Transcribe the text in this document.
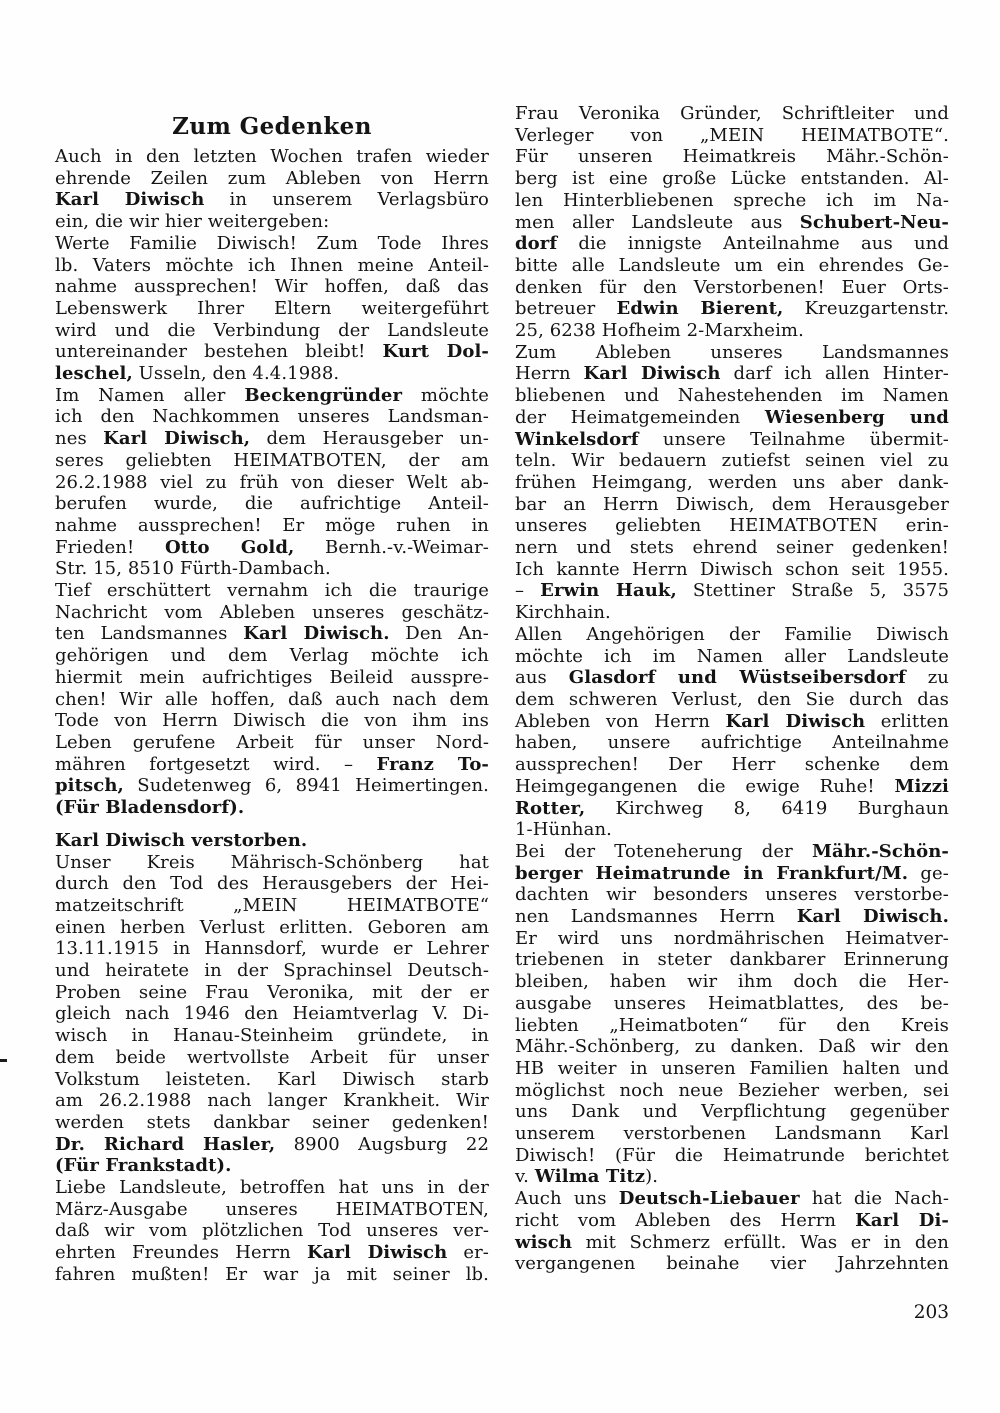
Zum Gedenken
Auch in den letzten Wochen trafen wieder
ehrende Zeilen zum Ableben von Herrn
Karl Diwisch in unserem Verlagsbüro
ein, die wir hier weitergeben:
Werte Familie Diwisch! Zum Tode Ihres
lb. Vaters möchte ich Ihnen meine Anteil-
nahme aussprechen! Wir hoffen, daß das
Lebenswerk Ihrer Eltern weitergeführt
wird und die Verbindung der Landsleute
untereinander bestehen bleibt! Kurt Dol-
leschel, Usseln, den 4.4.1988.
Im Namen aller Beckengründer möchte
ich den Nachkommen unseres Landsman-
nes Karl Diwisch, dem Herausgeber un-
seres geliebten HEIMATBOTEN, der am
26.2.1988 viel zu früh von dieser Welt ab-
berufen wurde, die aufrichtige Anteil-
nahme aussprechen! Er möge ruhen in
Frieden! Otto Gold, Bernh.-v.-Weimar-
Str. 15, 8510 Fürth-Dambach.
Tief erschüttert vernahm ich die traurige
Nachricht vom Ableben unseres geschätz-
ten Landsmannes Karl Diwisch. Den An-
gehörigen und dem Verlag möchte ich
hiermit mein aufrichtiges Beileid ausspre-
chen! Wir alle hoffen, daß auch nach dem
Tode von Herrn Diwisch die von ihm ins
Leben gerufene Arbeit für unser Nord-
mähren fortgesetzt wird. – Franz To-
pitsch, Sudetenweg 6, 8941 Heimertingen.
(Für Bladensdorf).
Karl Diwisch verstorben.
Unser Kreis Mährisch-Schönberg hat
durch den Tod des Herausgebers der Hei-
matzeitschrift „MEIN HEIMATBOTE“
einen herben Verlust erlitten. Geboren am
13.11.1915 in Hannsdorf, wurde er Lehrer
und heiratete in der Sprachinsel Deutsch-
Proben seine Frau Veronika, mit der er
gleich nach 1946 den Heiamtverlag V. Di-
wisch in Hanau-Steinheim gründete, in
dem beide wertvollste Arbeit für unser
Volkstum leisteten. Karl Diwisch starb
am 26.2.1988 nach langer Krankheit. Wir
werden stets dankbar seiner gedenken!
Dr. Richard Hasler, 8900 Augsburg 22
(Für Frankstadt).
Liebe Landsleute, betroffen hat uns in der
März-Ausgabe unseres HEIMATBOTEN,
daß wir vom plötzlichen Tod unseres ver-
ehrten Freundes Herrn Karl Diwisch er-
fahren mußten! Er war ja mit seiner lb.
Frau Veronika Gründer, Schriftleiter und
Verleger von „MEIN HEIMATBOTE“.
Für unseren Heimatkreis Mähr.-Schön-
berg ist eine große Lücke entstanden. Al-
len Hinterbliebenen spreche ich im Na-
men aller Landsleute aus Schubert-Neu-
dorf die innigste Anteilnahme aus und
bitte alle Landsleute um ein ehrendes Ge-
denken für den Verstorbenen! Euer Orts-
betreuer Edwin Bierent, Kreuzgartenstr.
25, 6238 Hofheim 2-Marxheim.
Zum Ableben unseres Landsmannes
Herrn Karl Diwisch darf ich allen Hinter-
bliebenen und Nahestehenden im Namen
der Heimatgemeinden Wiesenberg und
Winkelsdorf unsere Teilnahme übermit-
teln. Wir bedauern zutiefst seinen viel zu
frühen Heimgang, werden uns aber dank-
bar an Herrn Diwisch, dem Herausgeber
unseres geliebten HEIMATBOTEN erin-
nern und stets ehrend seiner gedenken!
Ich kannte Herrn Diwisch schon seit 1955.
– Erwin Hauk, Stettiner Straße 5, 3575
Kirchhain.
Allen Angehörigen der Familie Diwisch
möchte ich im Namen aller Landsleute
aus Glasdorf und Wüstseibersdorf zu
dem schweren Verlust, den Sie durch das
Ableben von Herrn Karl Diwisch erlitten
haben, unsere aufrichtige Anteilnahme
aussprechen! Der Herr schenke dem
Heimgegangenen die ewige Ruhe! Mizzi
Rotter, Kirchweg 8, 6419 Burghaun
1-Hünhan.
Bei der Toteneherung der Mähr.-Schön-
berger Heimatrunde in Frankfurt/M. ge-
dachten wir besonders unseres verstorbe-
nen Landsmannes Herrn Karl Diwisch.
Er wird uns nordmährischen Heimatver-
triebenen in steter dankbarer Erinnerung
bleiben, haben wir ihm doch die Her-
ausgabe unseres Heimatblattes, des be-
liebten „Heimatboten“ für den Kreis
Mähr.-Schönberg, zu danken. Daß wir den
HB weiter in unseren Familien halten und
möglichst noch neue Bezieher werben, sei
uns Dank und Verpflichtung gegenüber
unserem verstorbenen Landsmann Karl
Diwisch! (Für die Heimatrunde berichtet
v. Wilma Titz).
Auch uns Deutsch-Liebauer hat die Nach-
richt vom Ableben des Herrn Karl Di-
wisch mit Schmerz erfüllt. Was er in den
vergangenen beinahe vier Jahrzehnten
203
